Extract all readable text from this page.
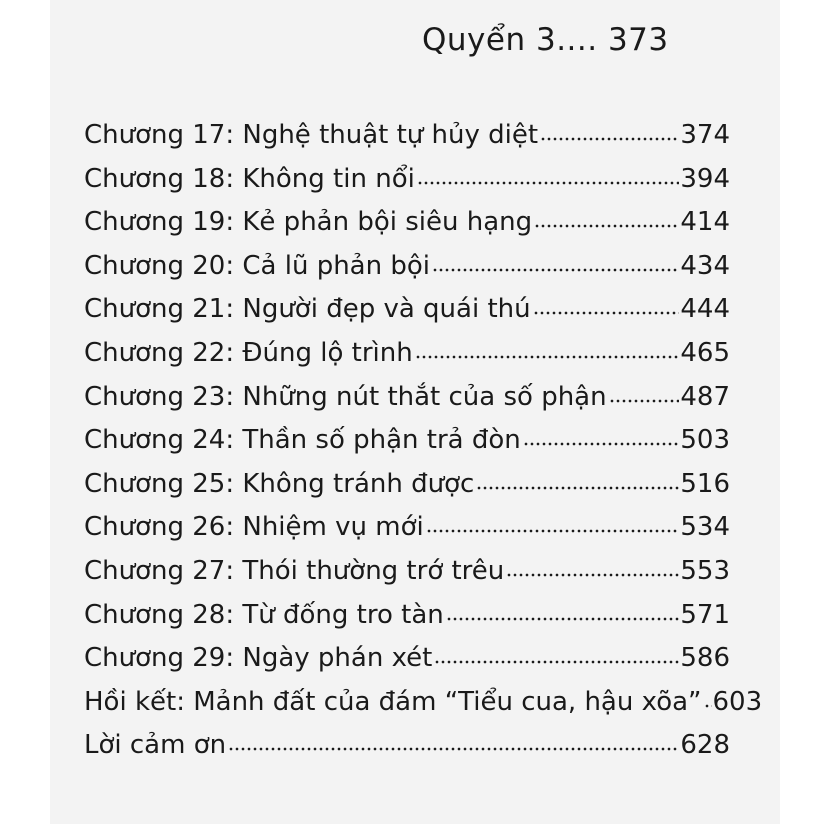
Quyển 3.... 373
Chương 17: Nghệ thuật tự hủy diệt	374
Chương 18: Không tin nổi	394
Chương 19: Kẻ phản bội siêu hạng	414
Chương 20: Cả lũ phản bội	434
Chương 21: Người đẹp và quái thú	444
Chương 22: Đúng lộ trình	465
Chương 23: Những nút thắt của số phận	487
Chương 24: Thần số phận trả đòn	503
Chương 25: Không tránh được	516
Chương 26: Nhiệm vụ mới	534
Chương 27: Thói thường trớ trêu	553
Chương 28: Từ đống tro tàn	571
Chương 29: Ngày phán xét	586
Hồi kết: Mảnh đất của đám “Tiểu cua, hậu xõa” 603
Lời cảm ơn	628
